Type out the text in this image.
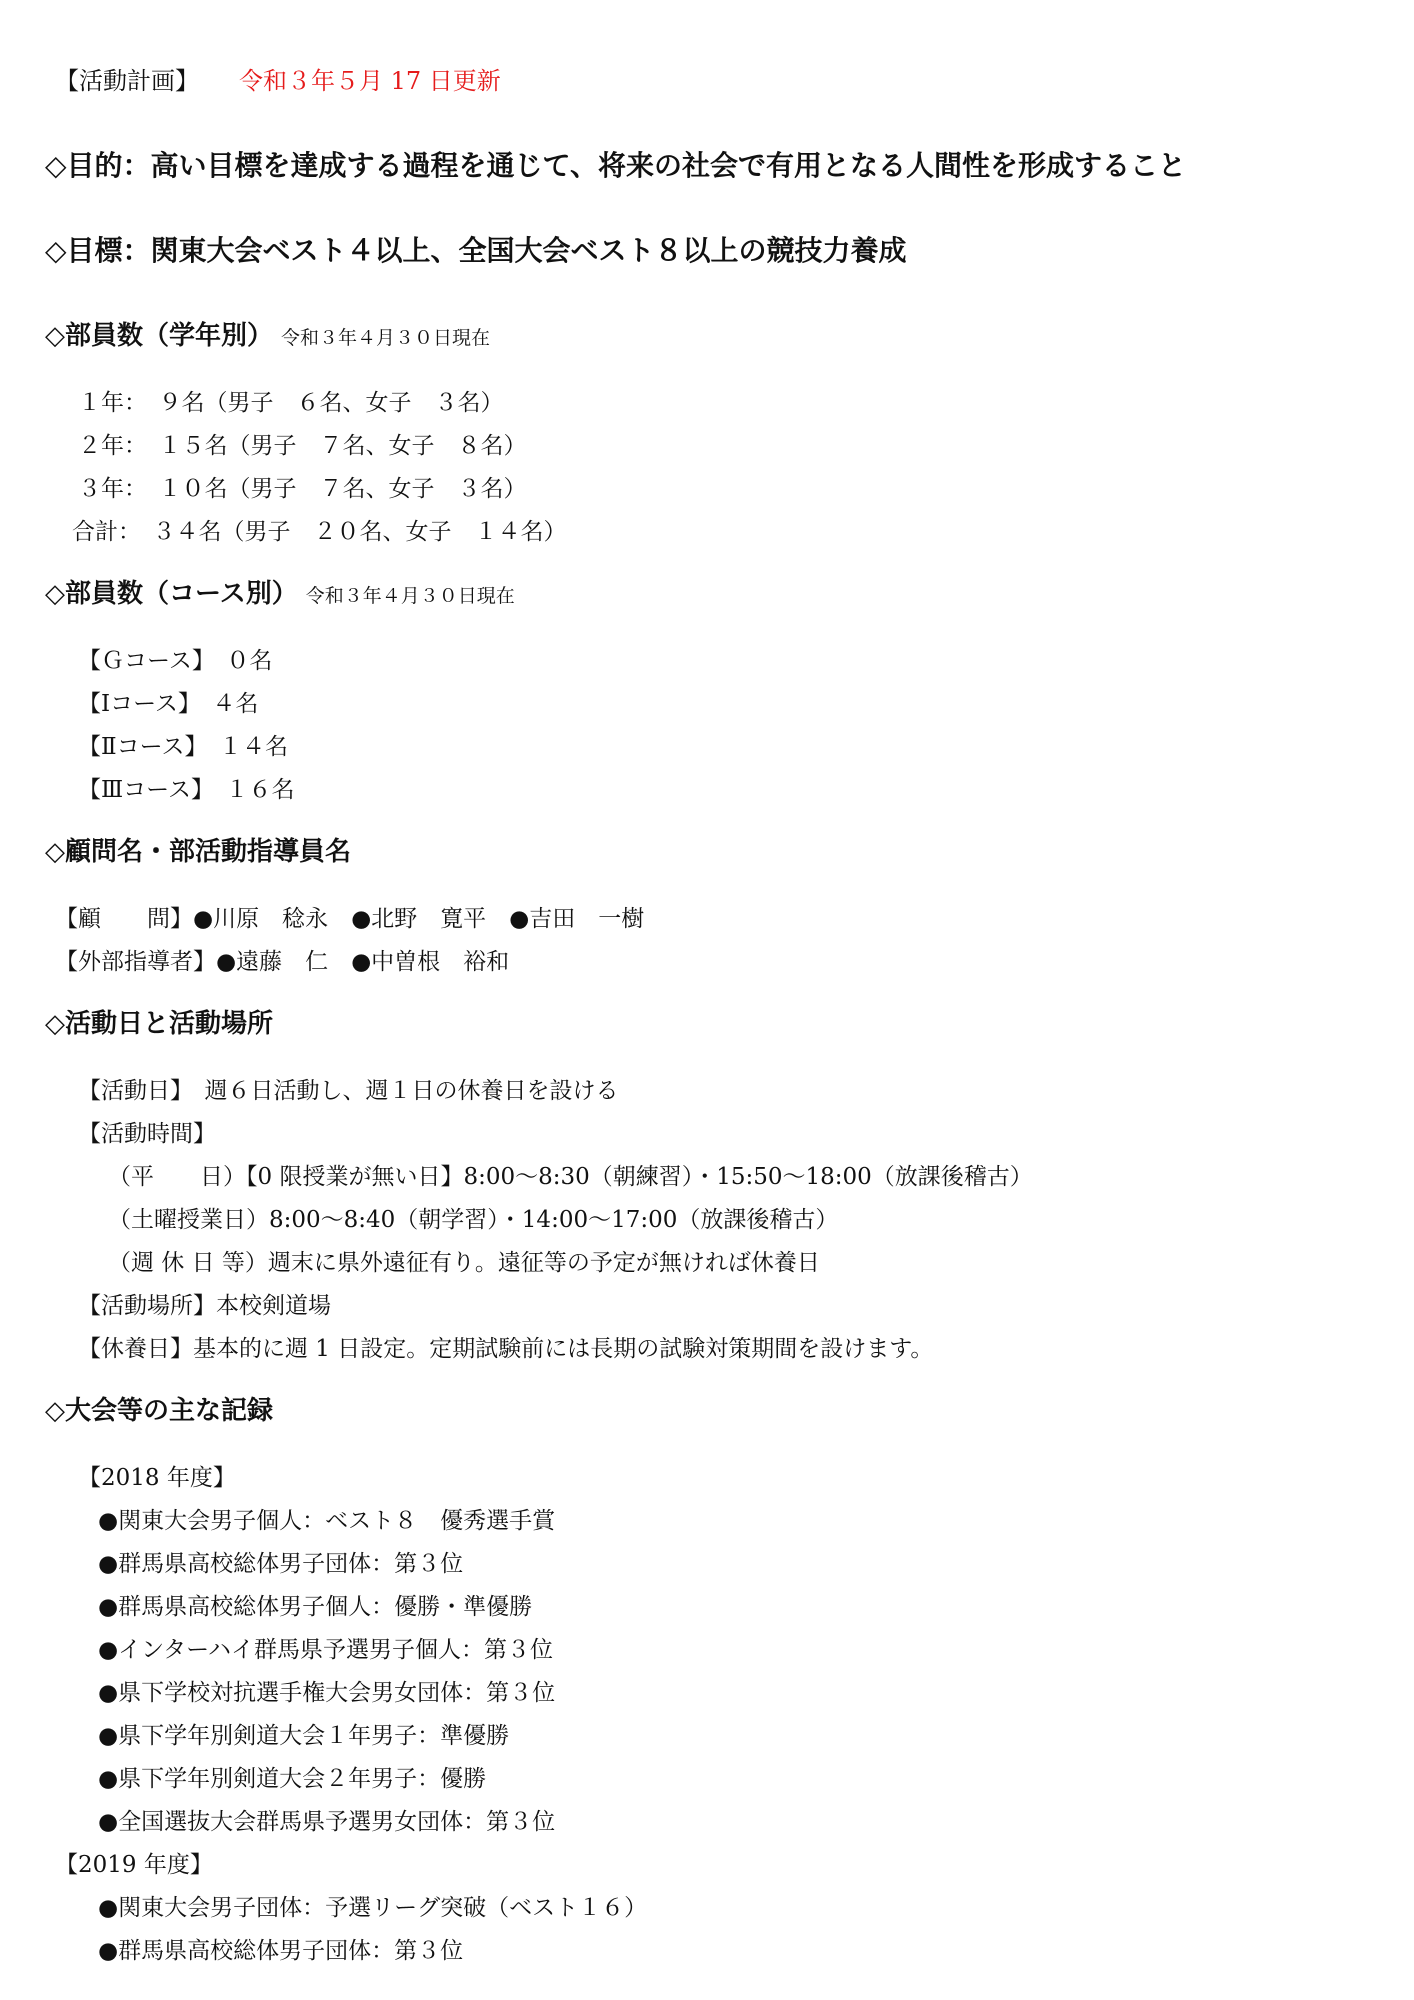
【活動計画】 令和３年５月 17 日更新
◇目的：高い目標を達成する過程を通じて、将来の社会で有用となる人間性を形成すること
◇目標：関東大会ベスト４以上、全国大会ベスト８以上の競技力養成
◇部員数（学年別） 令和３年４月３０日現在
１年：　９名（男子　６名、女子　３名）
２年：　１５名（男子　７名、女子　８名）
３年：　１０名（男子　７名、女子　３名）
合計：　３４名（男子　２０名、女子　１４名）
◇部員数（コース別） 令和３年４月３０日現在
【Ｇコース】　０名
【Ⅰコース】　４名
【Ⅱコース】　１４名
【Ⅲコース】　１６名
◇顧問名・部活動指導員名
【顧　　問】●川原　稔永　●北野　寛平　●吉田　一樹
【外部指導者】●遠藤　仁　●中曽根　裕和
◇活動日と活動場所
【活動日】　週６日活動し、週１日の休養日を設ける
【活動時間】
（平　　日）【0 限授業が無い日】8:00～8:30（朝練習）・15:50～18:00（放課後稽古）
（土曜授業日）8:00～8:40（朝学習）・14:00～17:00（放課後稽古）
（週 休 日 等）週末に県外遠征有り。遠征等の予定が無ければ休養日
【活動場所】本校剣道場
【休養日】基本的に週 1 日設定。定期試験前には長期の試験対策期間を設けます。
◇大会等の主な記録
【2018 年度】
●関東大会男子個人：ベスト８　優秀選手賞
●群馬県高校総体男子団体：第３位
●群馬県高校総体男子個人：優勝・準優勝
●インターハイ群馬県予選男子個人：第３位
●県下学校対抗選手権大会男女団体：第３位
●県下学年別剣道大会１年男子：準優勝
●県下学年別剣道大会２年男子：優勝
●全国選抜大会群馬県予選男女団体：第３位
【2019 年度】
●関東大会男子団体：予選リーグ突破（ベスト１６）
●群馬県高校総体男子団体：第３位
